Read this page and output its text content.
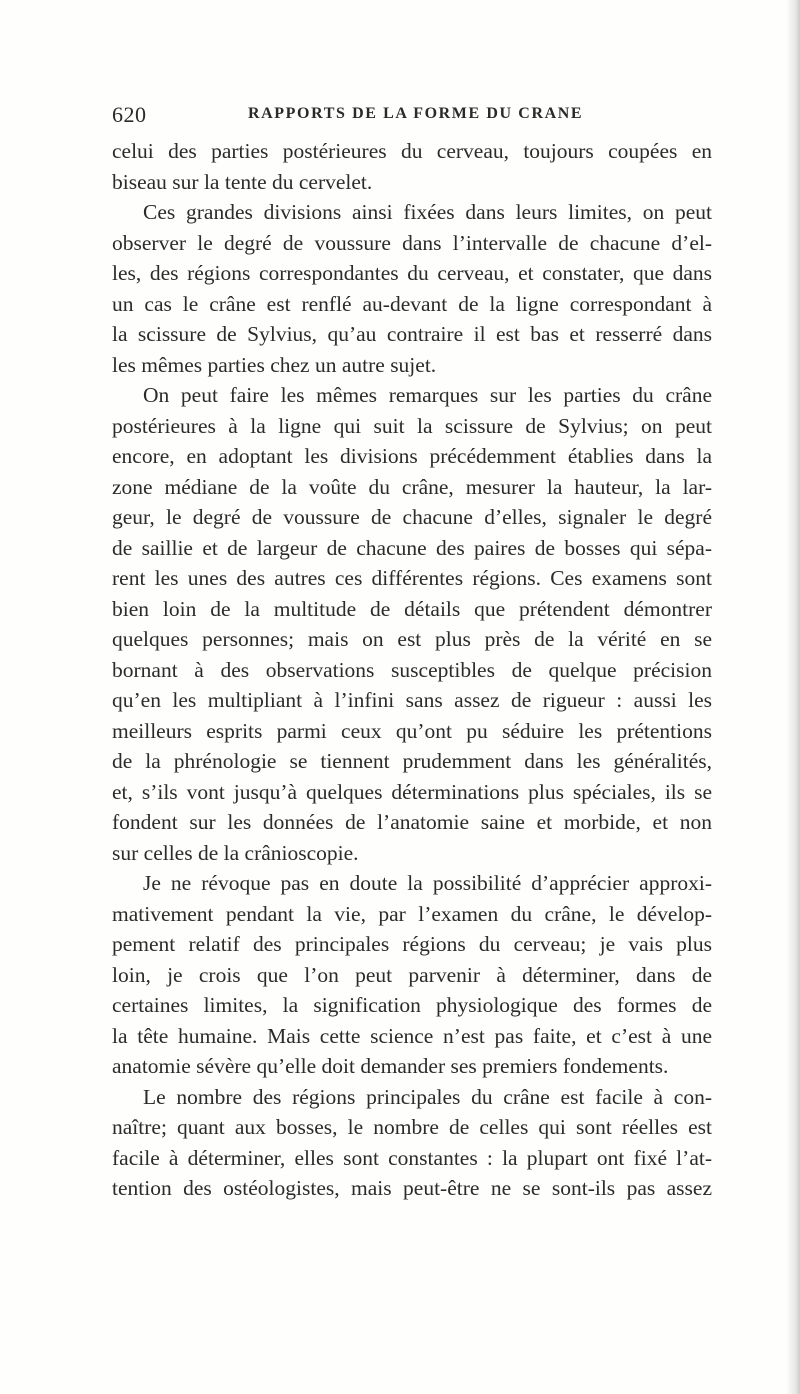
620	RAPPORTS DE LA FORME DU CRANE
celui des parties postérieures du cerveau, toujours coupées en
biseau sur la tente du cervelet.
Ces grandes divisions ainsi fixées dans leurs limites, on peut
observer le degré de voussure dans l’intervalle de chacune d’el-
les, des régions correspondantes du cerveau, et constater, que dans
un cas le crâne est renflé au-devant de la ligne correspondant à
la scissure de Sylvius, qu’au contraire il est bas et resserré dans
les mêmes parties chez un autre sujet.
On peut faire les mêmes remarques sur les parties du crâne
postérieures à la ligne qui suit la scissure de Sylvius; on peut
encore, en adoptant les divisions précédemment établies dans la
zone médiane de la voûte du crâne, mesurer la hauteur, la lar-
geur, le degré de voussure de chacune d’elles, signaler le degré
de saillie et de largeur de chacune des paires de bosses qui sépa-
rent les unes des autres ces différentes régions. Ces examens sont
bien loin de la multitude de détails que prétendent démontrer
quelques personnes; mais on est plus près de la vérité en se
bornant à des observations susceptibles de quelque précision
qu’en les multipliant à l’infini sans assez de rigueur : aussi les
meilleurs esprits parmi ceux qu’ont pu séduire les prétentions
de la phrénologie se tiennent prudemment dans les généralités,
et, s’ils vont jusqu’à quelques déterminations plus spéciales, ils se
fondent sur les données de l’anatomie saine et morbide, et non
sur celles de la crânioscopie.
Je ne révoque pas en doute la possibilité d’apprécier approxi-
mativement pendant la vie, par l’examen du crâne, le dévelop-
pement relatif des principales régions du cerveau; je vais plus
loin, je crois que l’on peut parvenir à déterminer, dans de
certaines limites, la signification physiologique des formes de
la tête humaine. Mais cette science n’est pas faite, et c’est à une
anatomie sévère qu’elle doit demander ses premiers fondements.
Le nombre des régions principales du crâne est facile à con-
naître; quant aux bosses, le nombre de celles qui sont réelles est
facile à déterminer, elles sont constantes : la plupart ont fixé l’at-
tention des ostéologistes, mais peut-être ne se sont-ils pas assez
